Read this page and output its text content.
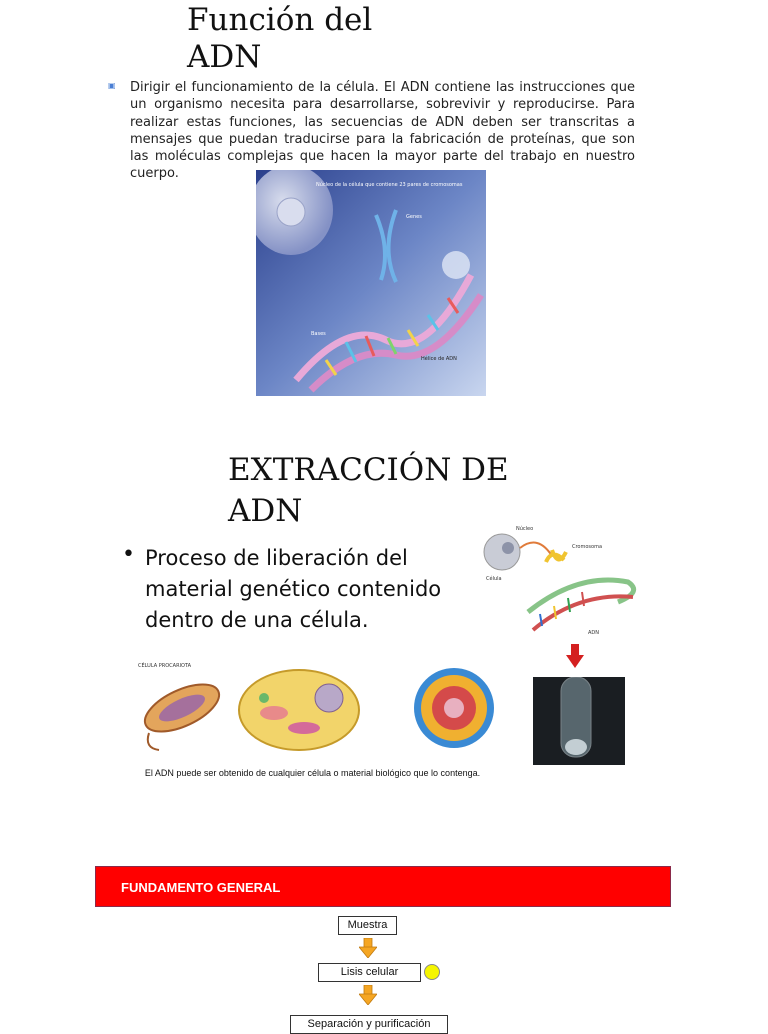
Función del ADN
▣ Dirigir el funcionamiento de la célula. El ADN contiene las instrucciones que un organismo necesita para desarrollarse, sobrevivir y reproducirse. Para realizar estas funciones, las secuencias de ADN deben ser transcritas a mensajes que puedan traducirse para la fabricación de proteínas, que son las moléculas complejas que hacen la mayor parte del trabajo en nuestro cuerpo.
Núcleo de la célula que contiene 23 pares de cromosomas
Genes
Bases
Hélice de ADN
EXTRACCIÓN DE ADN
• Proceso de liberación del material genético contenido dentro de una célula.
Núcleo
Célula
Cromosoma
ADN
CÉLULA PROCARIOTA
El ADN puede ser obtenido de cualquier célula o material biológico que lo contenga.
FUNDAMENTO GENERAL
Muestra
Lisis celular
Separación y purificación
